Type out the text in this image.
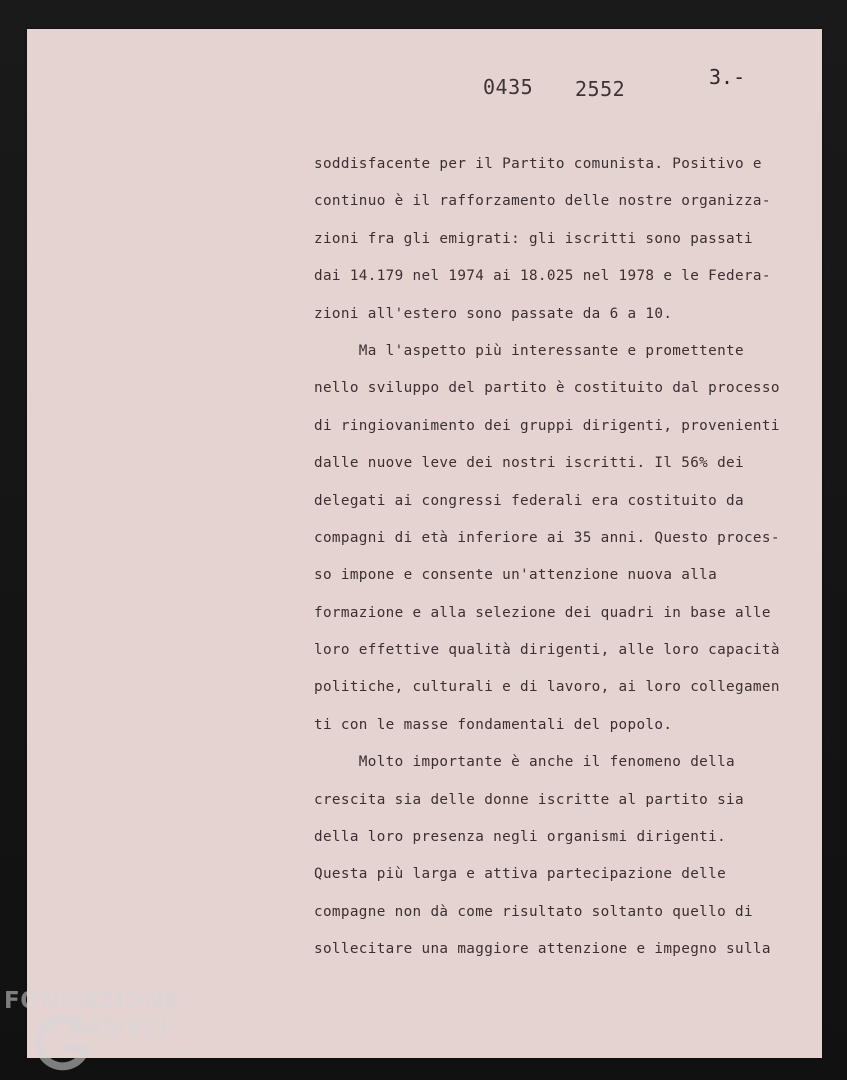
0435 2552	3.-
soddisfacente per il Partito comunista. Positivo e
continuo è il rafforzamento delle nostre organizza-
zioni fra gli emigrati: gli iscritti sono passati
dai 14.179 nel 1974 ai 18.025 nel 1978 e le Federa-
zioni all'estero sono passate da 6 a 10.
Ma l'aspetto più interessante e promettente
nello sviluppo del partito è costituito dal processo
di ringiovanimento dei gruppi dirigenti, provenienti
dalle nuove leve dei nostri iscritti. Il 56% dei
delegati ai congressi federali era costituito da
compagni di età inferiore ai 35 anni. Questo proces-
so impone e consente un'attenzione nuova alla
formazione e alla selezione dei quadri in base alle
loro effettive qualità dirigenti, alle loro capacità
politiche, culturali e di lavoro, ai loro collegamen
ti con le masse fondamentali del popolo.
Molto importante è anche il fenomeno della
crescita sia delle donne iscritte al partito sia
della loro presenza negli organismi dirigenti.
Questa più larga e attiva partecipazione delle
compagne non dà come risultato soltanto quello di
sollecitare una maggiore attenzione e impegno sulla
FONDAZIONE
RAMSCI
onlus
